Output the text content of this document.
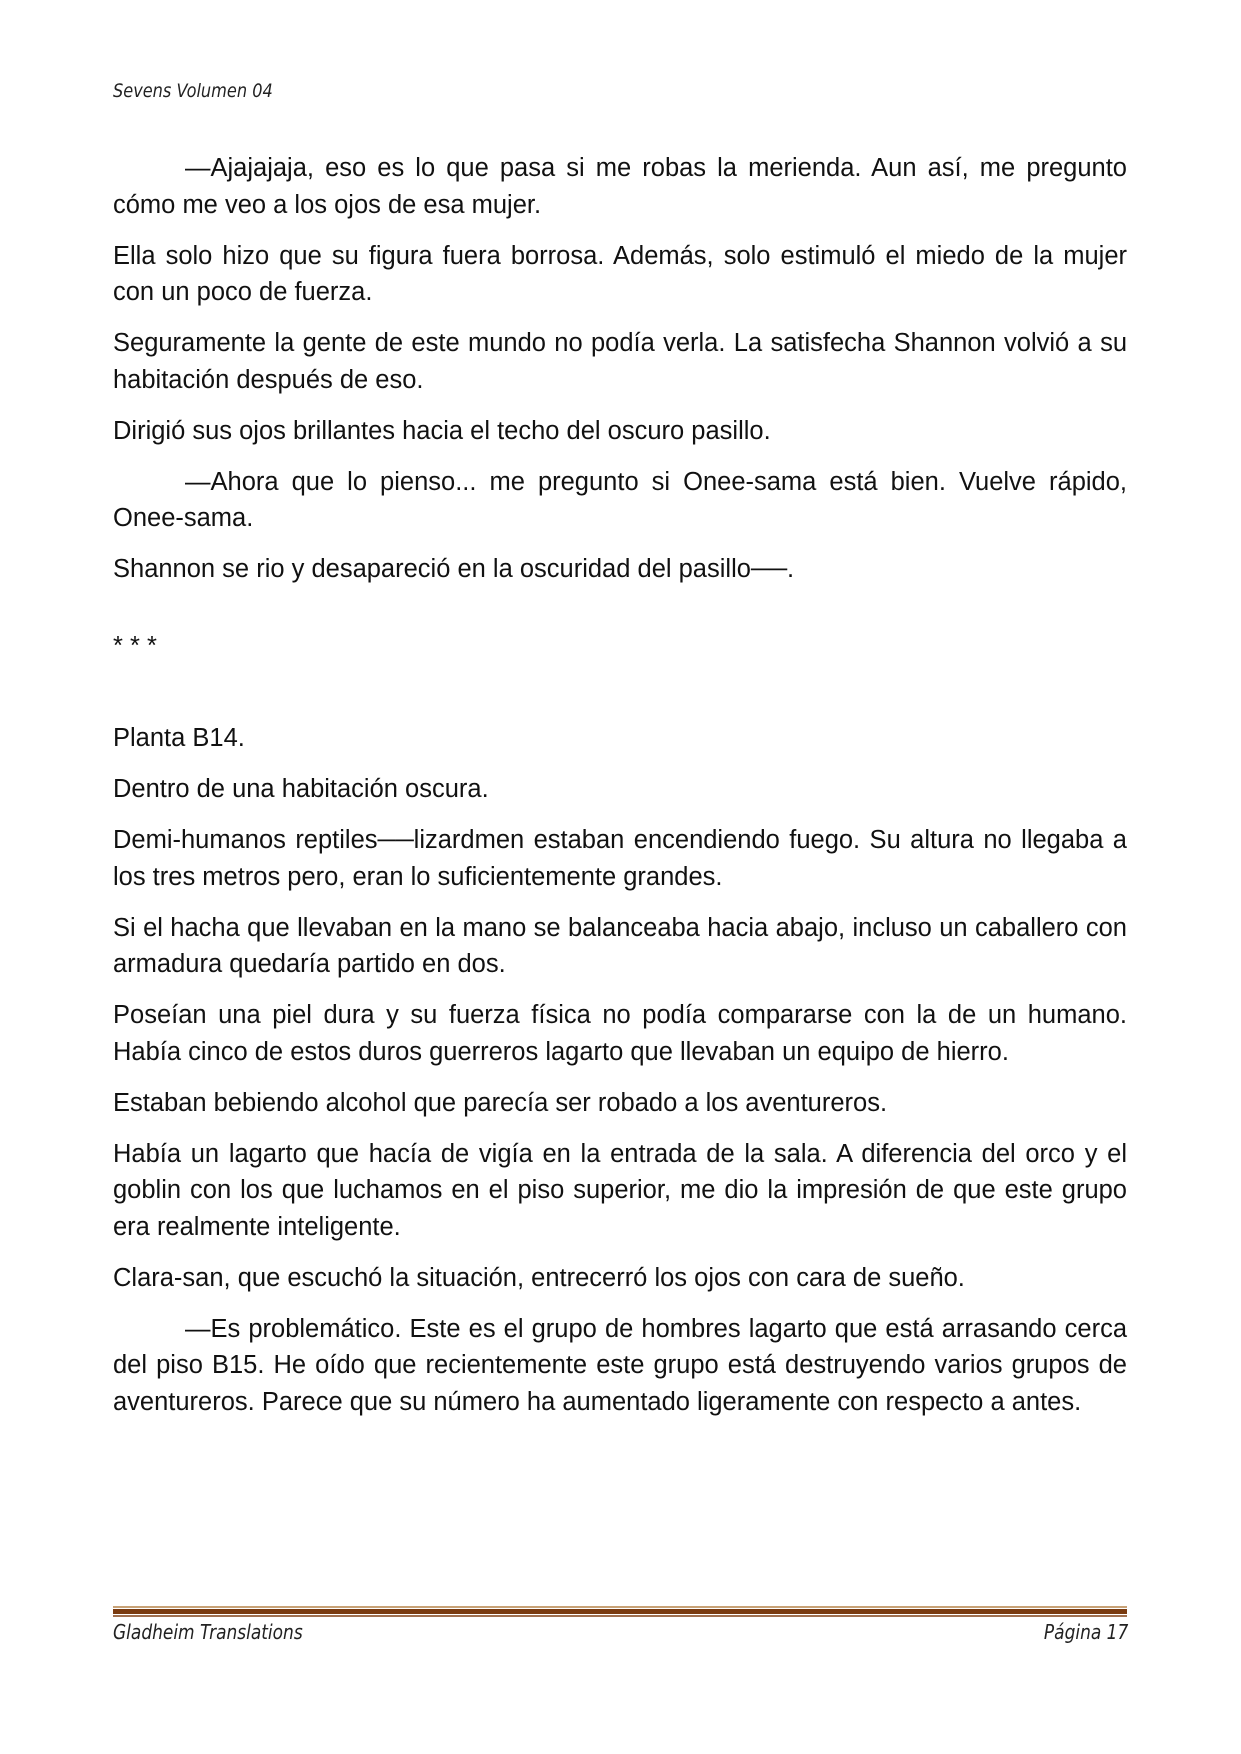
Sevens Volumen 04

—Ajajajaja, eso es lo que pasa si me robas la merienda. Aun así, me pregunto cómo me veo a los ojos de esa mujer.

Ella solo hizo que su figura fuera borrosa. Además, solo estimuló el miedo de la mujer con un poco de fuerza.

Seguramente la gente de este mundo no podía verla. La satisfecha Shannon volvió a su habitación después de eso.

Dirigió sus ojos brillantes hacia el techo del oscuro pasillo.

—Ahora que lo pienso... me pregunto si Onee-sama está bien. Vuelve rápido, Onee-sama.

Shannon se rio y desapareció en la oscuridad del pasillo──.

* * *

Planta B14.

Dentro de una habitación oscura.

Demi-humanos reptiles──lizardmen estaban encendiendo fuego. Su altura no llegaba a los tres metros pero, eran lo suficientemente grandes.

Si el hacha que llevaban en la mano se balanceaba hacia abajo, incluso un caballero con armadura quedaría partido en dos.

Poseían una piel dura y su fuerza física no podía compararse con la de un humano. Había cinco de estos duros guerreros lagarto que llevaban un equipo de hierro.

Estaban bebiendo alcohol que parecía ser robado a los aventureros.

Había un lagarto que hacía de vigía en la entrada de la sala. A diferencia del orco y el goblin con los que luchamos en el piso superior, me dio la impresión de que este grupo era realmente inteligente.

Clara-san, que escuchó la situación, entrecerró los ojos con cara de sueño.

—Es problemático. Este es el grupo de hombres lagarto que está arrasando cerca del piso B15. He oído que recientemente este grupo está destruyendo varios grupos de aventureros. Parece que su número ha aumentado ligeramente con respecto a antes.

Gladheim Translations	Página 17
